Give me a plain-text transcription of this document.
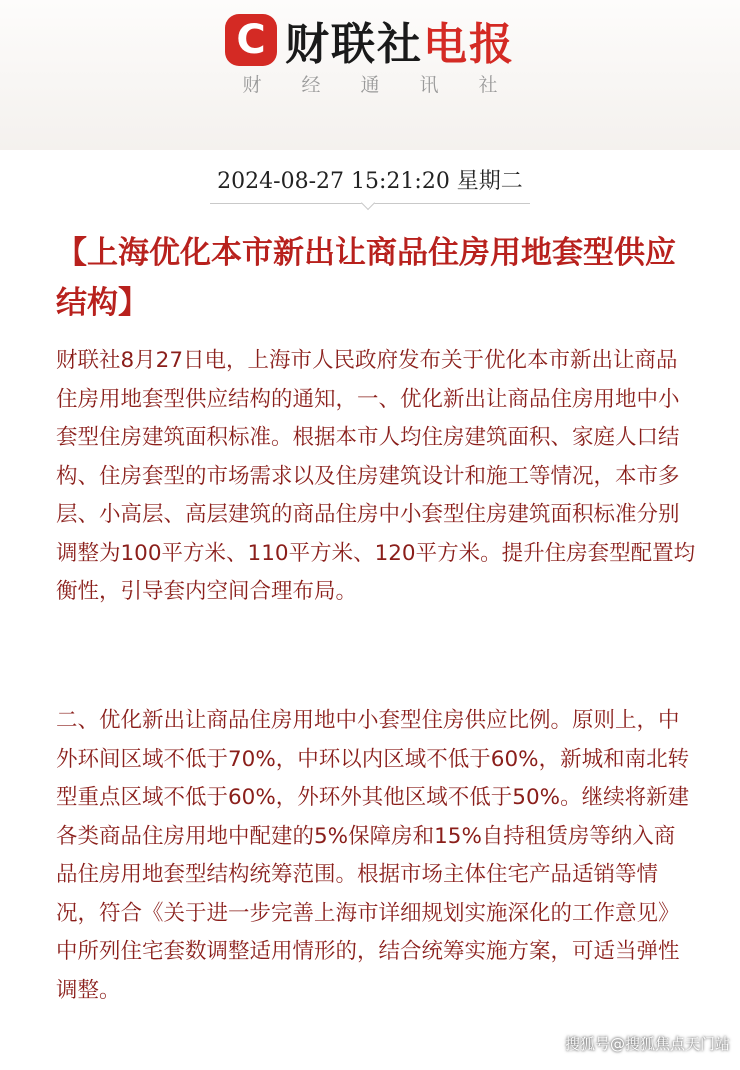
C 财联社 电报
财经通讯社
2024-08-27 15:21:20 星期二
【上海优化本市新出让商品住房用地套型供应结构】
财联社8月27日电，上海市人民政府发布关于优化本市新出让商品住房用地套型供应结构的通知，一、优化新出让商品住房用地中小套型住房建筑面积标准。根据本市人均住房建筑面积、家庭人口结构、住房套型的市场需求以及住房建筑设计和施工等情况，本市多层、小高层、高层建筑的商品住房中小套型住房建筑面积标准分别调整为100平方米、110平方米、120平方米。提升住房套型配置均衡性，引导套内空间合理布局。
二、优化新出让商品住房用地中小套型住房供应比例。原则上，中外环间区域不低于70%，中环以内区域不低于60%，新城和南北转型重点区域不低于60%，外环外其他区域不低于50%。继续将新建各类商品住房用地中配建的5%保障房和15%自持租赁房等纳入商品住房用地套型结构统筹范围。根据市场主体住宅产品适销等情况，符合《关于进一步完善上海市详细规划实施深化的工作意见》中所列住宅套数调整适用情形的，结合统筹实施方案，可适当弹性调整。
搜狐号@搜狐焦点天门站
